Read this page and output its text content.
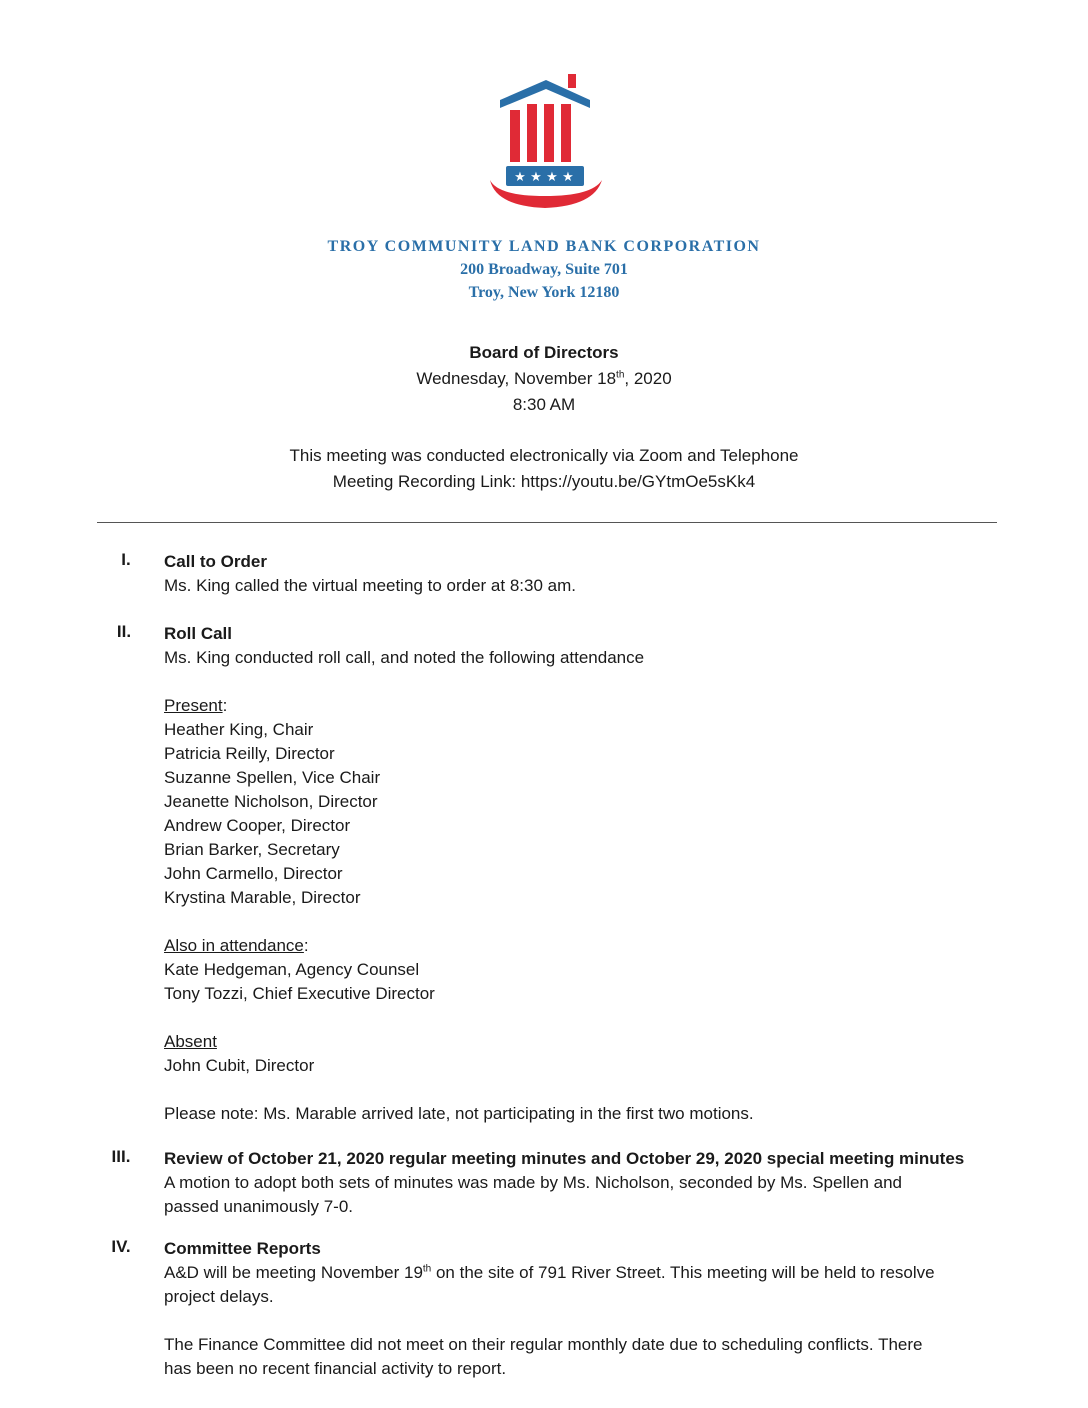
★ ★ ★ ★
TROY COMMUNITY LAND BANK CORPORATION
200 Broadway, Suite 701
Troy, New York 12180
Board of Directors
Wednesday, November 18th, 2020
8:30 AM
This meeting was conducted electronically via Zoom and Telephone
Meeting Recording Link: https://youtu.be/GYtmOe5sKk4
I.	Call to Order
Ms. King called the virtual meeting to order at 8:30 am.
II.	Roll Call
Ms. King conducted roll call, and noted the following attendance
Present:
Heather King, Chair
Patricia Reilly, Director
Suzanne Spellen, Vice Chair
Jeanette Nicholson, Director
Andrew Cooper, Director
Brian Barker, Secretary
John Carmello, Director
Krystina Marable, Director
Also in attendance:
Kate Hedgeman, Agency Counsel
Tony Tozzi, Chief Executive Director
Absent
John Cubit, Director
Please note: Ms. Marable arrived late, not participating in the first two motions.
III.	Review of October 21, 2020 regular meeting minutes and October 29, 2020 special meeting minutes
A motion to adopt both sets of minutes was made by Ms. Nicholson, seconded by Ms. Spellen and
passed unanimously 7-0.
IV.	Committee Reports
A&D will be meeting November 19th on the site of 791 River Street. This meeting will be held to resolve
project delays.
The Finance Committee did not meet on their regular monthly date due to scheduling conflicts. There
has been no recent financial activity to report.
